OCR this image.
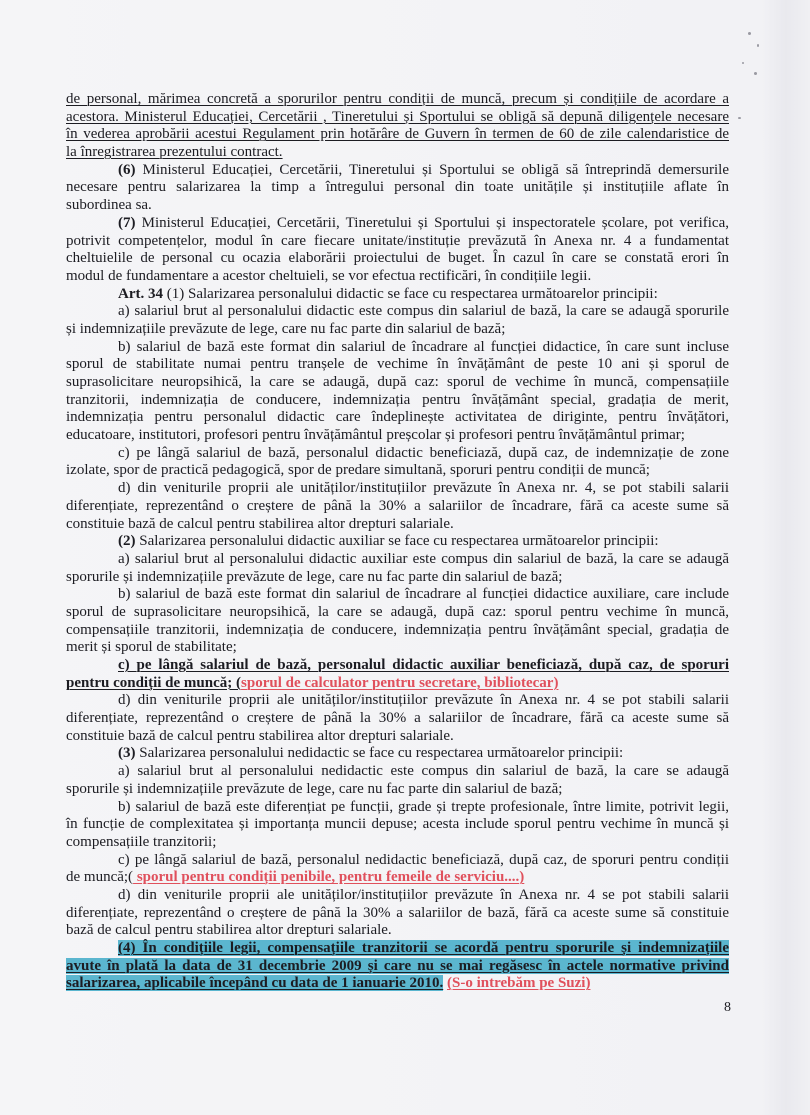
de personal, mărimea concretă a sporurilor pentru condiții de muncă, precum și condițiile de acordare a
acestora. Ministerul Educației, Cercetării , Tineretului și Sportului se obligă să depună diligențele necesare
în vederea aprobării acestui Regulament prin hotărâre de Guvern în termen de 60 de zile calendaristice de
la înregistrarea prezentului contract.
(6) Ministerul Educației, Cercetării, Tineretului și Sportului se obligă să întreprindă demersurile
necesare pentru salarizarea la timp a întregului personal din toate unitățile și instituțiile aflate în
subordinea sa.
(7) Ministerul Educației, Cercetării, Tineretului și Sportului și inspectoratele școlare, pot verifica,
potrivit competențelor, modul în care fiecare unitate/instituție prevăzută în Anexa nr. 4 a fundamentat
cheltuielile de personal cu ocazia elaborării proiectului de buget. În cazul în care se constată erori în
modul de fundamentare a acestor cheltuieli, se vor efectua rectificări, în condițiile legii.
Art. 34 (1) Salarizarea personalului didactic se face cu respectarea următoarelor principii:
a) salariul brut al personalului didactic este compus din salariul de bază, la care se adaugă sporurile
și indemnizațiile prevăzute de lege, care nu fac parte din salariul de bază;
b) salariul de bază este format din salariul de încadrare al funcției didactice, în care sunt incluse
sporul de stabilitate numai pentru tranșele de vechime în învățământ de peste 10 ani și sporul de
suprasolicitare neuropsihică, la care se adaugă, după caz: sporul de vechime în muncă, compensațiile
tranzitorii, indemnizația de conducere, indemnizația pentru învățământ special, gradația de merit,
indemnizația pentru personalul didactic care îndeplinește activitatea de diriginte, pentru învățători,
educatoare, institutori, profesori pentru învățământul preșcolar și profesori pentru învățământul primar;
c) pe lângă salariul de bază, personalul didactic beneficiază, după caz, de indemnizație de zone
izolate, spor de practică pedagogică, spor de predare simultană, sporuri pentru condiții de muncă;
d) din veniturile proprii ale unităților/instituțiilor prevăzute în Anexa nr. 4, se pot stabili salarii
diferențiate, reprezentând o creștere de până la 30% a salariilor de încadrare, fără ca aceste sume să
constituie bază de calcul pentru stabilirea altor drepturi salariale.
(2) Salarizarea personalului didactic auxiliar se face cu respectarea următoarelor principii:
a) salariul brut al personalului didactic auxiliar este compus din salariul de bază, la care se adaugă
sporurile și indemnizațiile prevăzute de lege, care nu fac parte din salariul de bază;
b) salariul de bază este format din salariul de încadrare al funcției didactice auxiliare, care include
sporul de suprasolicitare neuropsihică, la care se adaugă, după caz: sporul pentru vechime în muncă,
compensațiile tranzitorii, indemnizația de conducere, indemnizația pentru învățământ special, gradația de
merit și sporul de stabilitate;
c) pe lângă salariul de bază, personalul didactic auxiliar beneficiază, după caz, de sporuri
pentru condiții de muncă; (sporul de calculator pentru secretare, bibliotecar)
d) din veniturile proprii ale unităților/instituțiilor prevăzute în Anexa nr. 4 se pot stabili salarii
diferențiate, reprezentând o creștere de până la 30% a salariilor de încadrare, fără ca aceste sume să
constituie bază de calcul pentru stabilirea altor drepturi salariale.
(3) Salarizarea personalului nedidactic se face cu respectarea următoarelor principii:
a) salariul brut al personalului nedidactic este compus din salariul de bază, la care se adaugă
sporurile și indemnizațiile prevăzute de lege, care nu fac parte din salariul de bază;
b) salariul de bază este diferențiat pe funcții, grade și trepte profesionale, între limite, potrivit legii,
în funcție de complexitatea și importanța muncii depuse; acesta include sporul pentru vechime în muncă și
compensațiile tranzitorii;
c) pe lângă salariul de bază, personalul nedidactic beneficiază, după caz, de sporuri pentru condiții
de muncă;( sporul pentru condiții penibile, pentru femeile de serviciu....)
d) din veniturile proprii ale unităților/instituțiilor prevăzute în Anexa nr. 4 se pot stabili salarii
diferențiate, reprezentând o creștere de până la 30% a salariilor de bază, fără ca aceste sume să constituie
bază de calcul pentru stabilirea altor drepturi salariale.
(4) În condițiile legii, compensațiile tranzitorii se acordă pentru sporurile și indemnizațiile
avute în plată la data de 31 decembrie 2009 și care nu se mai regăsesc în actele normative privind
salarizarea, aplicabile începând cu data de 1 ianuarie 2010. (S-o intrebăm pe Suzi)
8
